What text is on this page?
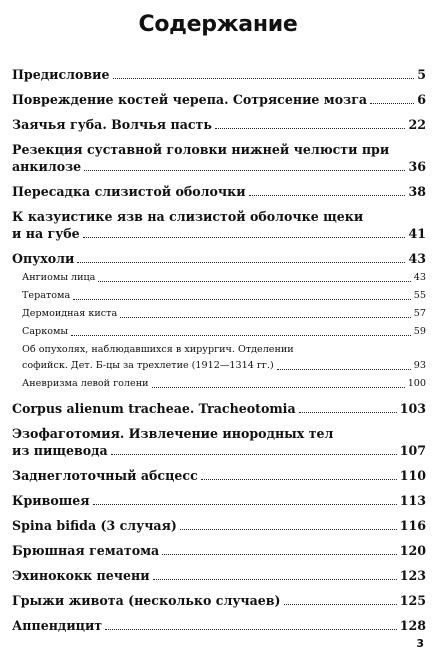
Содержание
Предисловие	5
Повреждение костей черепа. Сотрясение мозга	6
Заячья губа. Волчья пасть	22
Резекция суставной головки нижней челюсти при
анкилозе	36
Пересадка слизистой оболочки	38
К казуистике язв на слизистой оболочке щеки
и на губе	41
Опухоли	43
Ангиомы лица	43
Тератома	55
Дермоидная киста	57
Саркомы	59
Об опухолях, наблюдавшихся в хирургич. Отделении
софийск. Дет. Б-цы за трехлетие (1912—1314 гг.)	93
Аневризма левой голени	100
Corpus alienum tracheae. Tracheotomia	103
Эзофаготомия. Извлечение инородных тел
из пищевода	107
Заднеглоточный абсцесс	110
Кривошея	113
Spina bifida (3 случая)	116
Брюшная гематома	120
Эхинококк печени	123
Грыжи живота (несколько случаев)	125
Аппендицит	128
3
